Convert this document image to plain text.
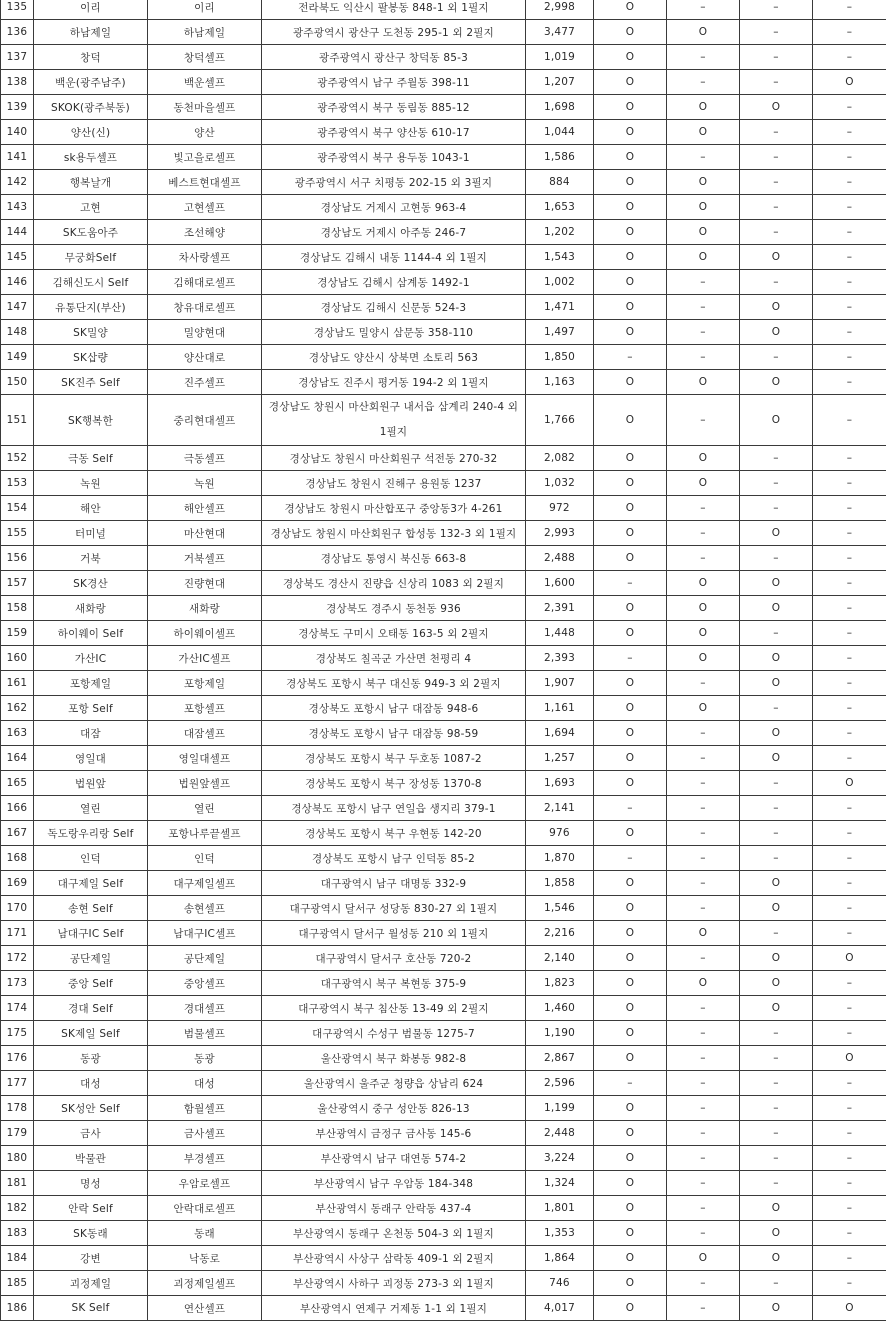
135	이리	이리	전라북도 익산시 팔봉동 848-1 외 1필지	2,998	O	–	–	–
136	하남제일	하남제일	광주광역시 광산구 도천동 295-1 외 2필지	3,477	O	O	–	–
137	창덕	창덕셀프	광주광역시 광산구 창덕동 85-3	1,019	O	–	–	–
138	백운(광주남주)	백운셀프	광주광역시 남구 주월동 398-11	1,207	O	–	–	O
139	SKOK(광주북동)	동천마을셀프	광주광역시 북구 동림동 885-12	1,698	O	O	O	–
140	양산(신)	양산	광주광역시 북구 양산동 610-17	1,044	O	O	–	–
141	sk용두셀프	빛고을로셀프	광주광역시 북구 용두동 1043-1	1,586	O	–	–	–
142	행복날개	베스트현대셀프	광주광역시 서구 치평동 202-15 외 3필지	884	O	O	–	–
143	고현	고현셀프	경상남도 거제시 고현동 963-4	1,653	O	O	–	–
144	SK도움아주	조선해양	경상남도 거제시 아주동 246-7	1,202	O	O	–	–
145	무궁화Self	차사랑셀프	경상남도 김해시 내동 1144-4 외 1필지	1,543	O	O	O	–
146	김해신도시 Self	김해대로셀프	경상남도 김해시 삼계동 1492-1	1,002	O	–	–	–
147	유통단지(부산)	창유대로셀프	경상남도 김해시 신문동 524-3	1,471	O	–	O	–
148	SK밀양	밀양현대	경상남도 밀양시 삼문동 358-110	1,497	O	–	O	–
149	SK삽량	양산대로	경상남도 양산시 상북면 소토리 563	1,850	–	–	–	–
150	SK진주 Self	진주셀프	경상남도 진주시 평거동 194-2 외 1필지	1,163	O	O	O	–
151	SK행복한	중리현대셀프	경상남도 창원시 마산회원구 내서읍 삼계리 240-4 외 1필지	1,766	O	–	O	–
152	극동 Self	극동셀프	경상남도 창원시 마산회원구 석전동 270-32	2,082	O	O	–	–
153	녹원	녹원	경상남도 창원시 진해구 용원동 1237	1,032	O	O	–	–
154	해안	해안셀프	경상남도 창원시 마산합포구 중앙동3가 4-261	972	O	–	–	–
155	터미널	마산현대	경상남도 창원시 마산회원구 합성동 132-3 외 1필지	2,993	O	–	O	–
156	거북	거북셀프	경상남도 통영시 북신동 663-8	2,488	O	–	–	–
157	SK경산	진량현대	경상북도 경산시 진량읍 신상리 1083 외 2필지	1,600	–	O	O	–
158	새화랑	새화랑	경상북도 경주시 동천동 936	2,391	O	O	O	–
159	하이웨이 Self	하이웨이셀프	경상북도 구미시 오태동 163-5 외 2필지	1,448	O	O	–	–
160	가산IC	가산IC셀프	경상북도 칠곡군 가산면 천평리 4	2,393	–	O	O	–
161	포항제일	포항제일	경상북도 포항시 북구 대신동 949-3 외 2필지	1,907	O	–	O	–
162	포항 Self	포항셀프	경상북도 포항시 남구 대잠동 948-6	1,161	O	O	–	–
163	대잠	대잠셀프	경상북도 포항시 남구 대잠동 98-59	1,694	O	–	O	–
164	영일대	영일대셀프	경상북도 포항시 북구 두호동 1087-2	1,257	O	–	O	–
165	법원앞	법원앞셀프	경상북도 포항시 북구 장성동 1370-8	1,693	O	–	–	O
166	열린	열린	경상북도 포항시 남구 연일읍 생지리 379-1	2,141	–	–	–	–
167	독도랑우리랑 Self	포항나루끝셀프	경상북도 포항시 북구 우현동 142-20	976	O	–	–	–
168	인덕	인덕	경상북도 포항시 남구 인덕동 85-2	1,870	–	–	–	–
169	대구제일 Self	대구제일셀프	대구광역시 남구 대명동 332-9	1,858	O	–	O	–
170	송현 Self	송현셀프	대구광역시 달서구 성당동 830-27 외 1필지	1,546	O	–	O	–
171	남대구IC Self	남대구IC셀프	대구광역시 달서구 월성동 210 외 1필지	2,216	O	O	–	–
172	공단제일	공단제일	대구광역시 달서구 호산동 720-2	2,140	O	–	O	O
173	중앙 Self	중앙셀프	대구광역시 북구 복현동 375-9	1,823	O	O	O	–
174	경대 Self	경대셀프	대구광역시 북구 침산동 13-49 외 2필지	1,460	O	–	O	–
175	SK제일 Self	범물셀프	대구광역시 수성구 범물동 1275-7	1,190	O	–	–	–
176	동광	동광	울산광역시 북구 화봉동 982-8	2,867	O	–	–	O
177	대성	대성	울산광역시 울주군 청량읍 상남리 624	2,596	–	–	–	–
178	SK성안 Self	함월셀프	울산광역시 중구 성안동 826-13	1,199	O	–	–	–
179	금사	금사셀프	부산광역시 금정구 금사동 145-6	2,448	O	–	–	–
180	박물관	부경셀프	부산광역시 남구 대연동 574-2	3,224	O	–	–	–
181	명성	우암로셀프	부산광역시 남구 우암동 184-348	1,324	O	–	–	–
182	안락 Self	안락대로셀프	부산광역시 동래구 안락동 437-4	1,801	O	–	O	–
183	SK동래	동래	부산광역시 동래구 온천동 504-3 외 1필지	1,353	O	–	O	–
184	강변	낙동로	부산광역시 사상구 삼락동 409-1 외 2필지	1,864	O	O	O	–
185	괴정제일	괴정제일셀프	부산광역시 사하구 괴정동 273-3 외 1필지	746	O	–	–	–
186	SK Self	연산셀프	부산광역시 연제구 거제동 1-1 외 1필지	4,017	O	–	O	O
